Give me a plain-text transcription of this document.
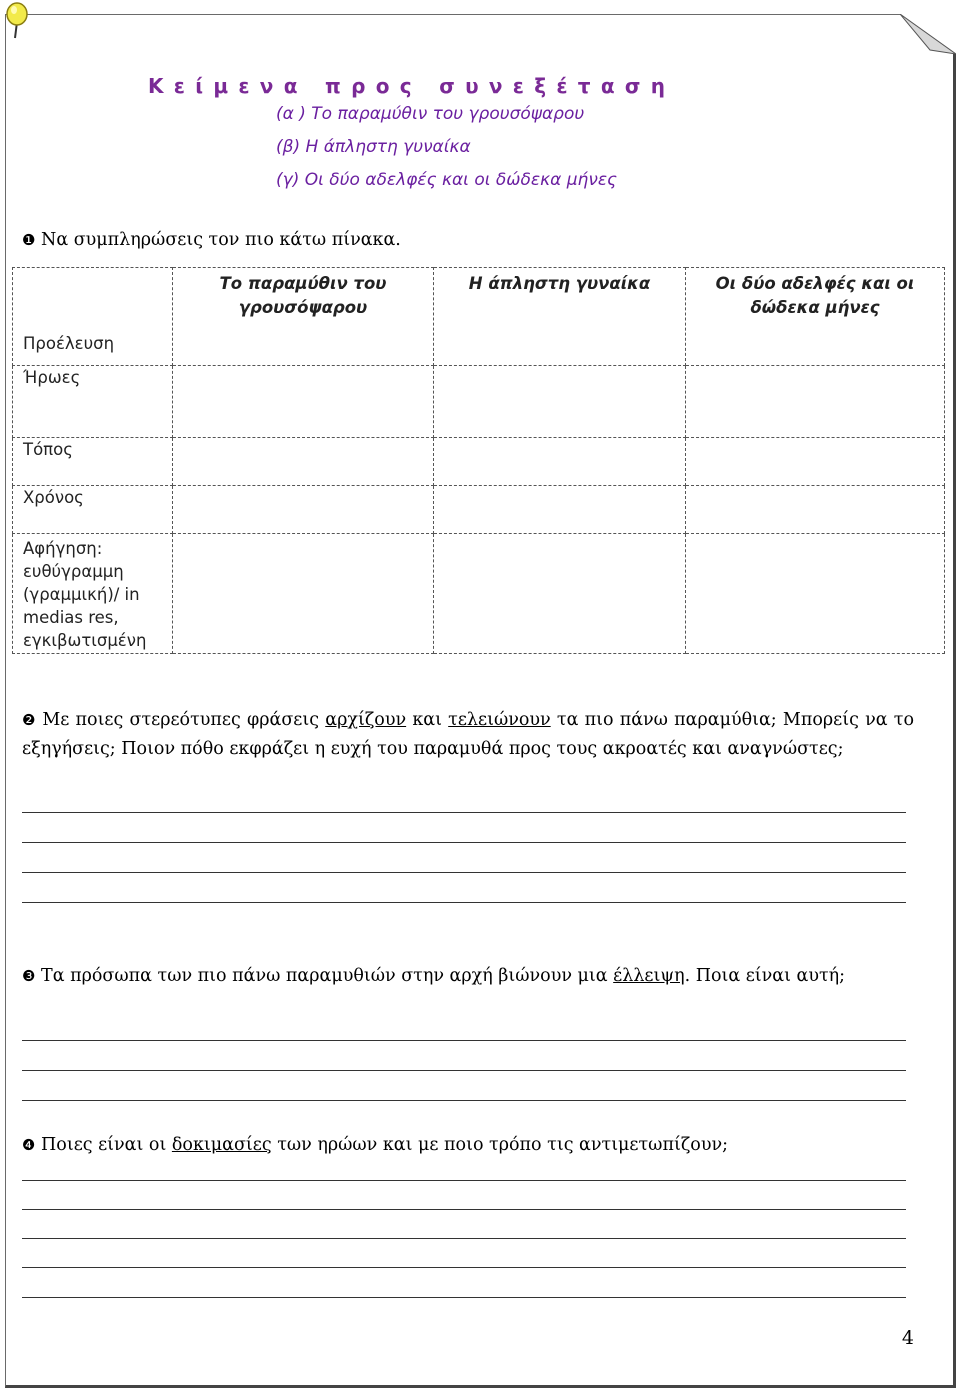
Κείμενα προς συνεξέταση
(α ) Το παραμύθιν του γρουσόψαρου
(β) Η άπληστη γυναίκα
(γ) Οι δύο αδελφές και οι δώδεκα μήνες
❶ Να συμπληρώσεις τον πιο κάτω πίνακα.
Προέλευση	Το παραμύθιν του γρουσόψαρου	Η άπληστη γυναίκα	Οι δύο αδελφές και οι δώδεκα μήνες
Ήρωες			
Τόπος			
Χρόνος			
Αφήγηση: ευθύγραμμη (γραμμική)/ in medias res, εγκιβωτισμένη			
❷ Με ποιες στερεότυπες φράσεις αρχίζουν και τελειώνουν τα πιο πάνω παραμύθια; Μπορείς να το εξηγήσεις; Ποιον πόθο εκφράζει η ευχή του παραμυθά προς τους ακροατές και αναγνώστες;
❸ Τα πρόσωπα των πιο πάνω παραμυθιών στην αρχή βιώνουν μια έλλειψη. Ποια είναι αυτή;
❹ Ποιες είναι οι δοκιμασίες των ηρώων και με ποιο τρόπο τις αντιμετωπίζουν;
4
